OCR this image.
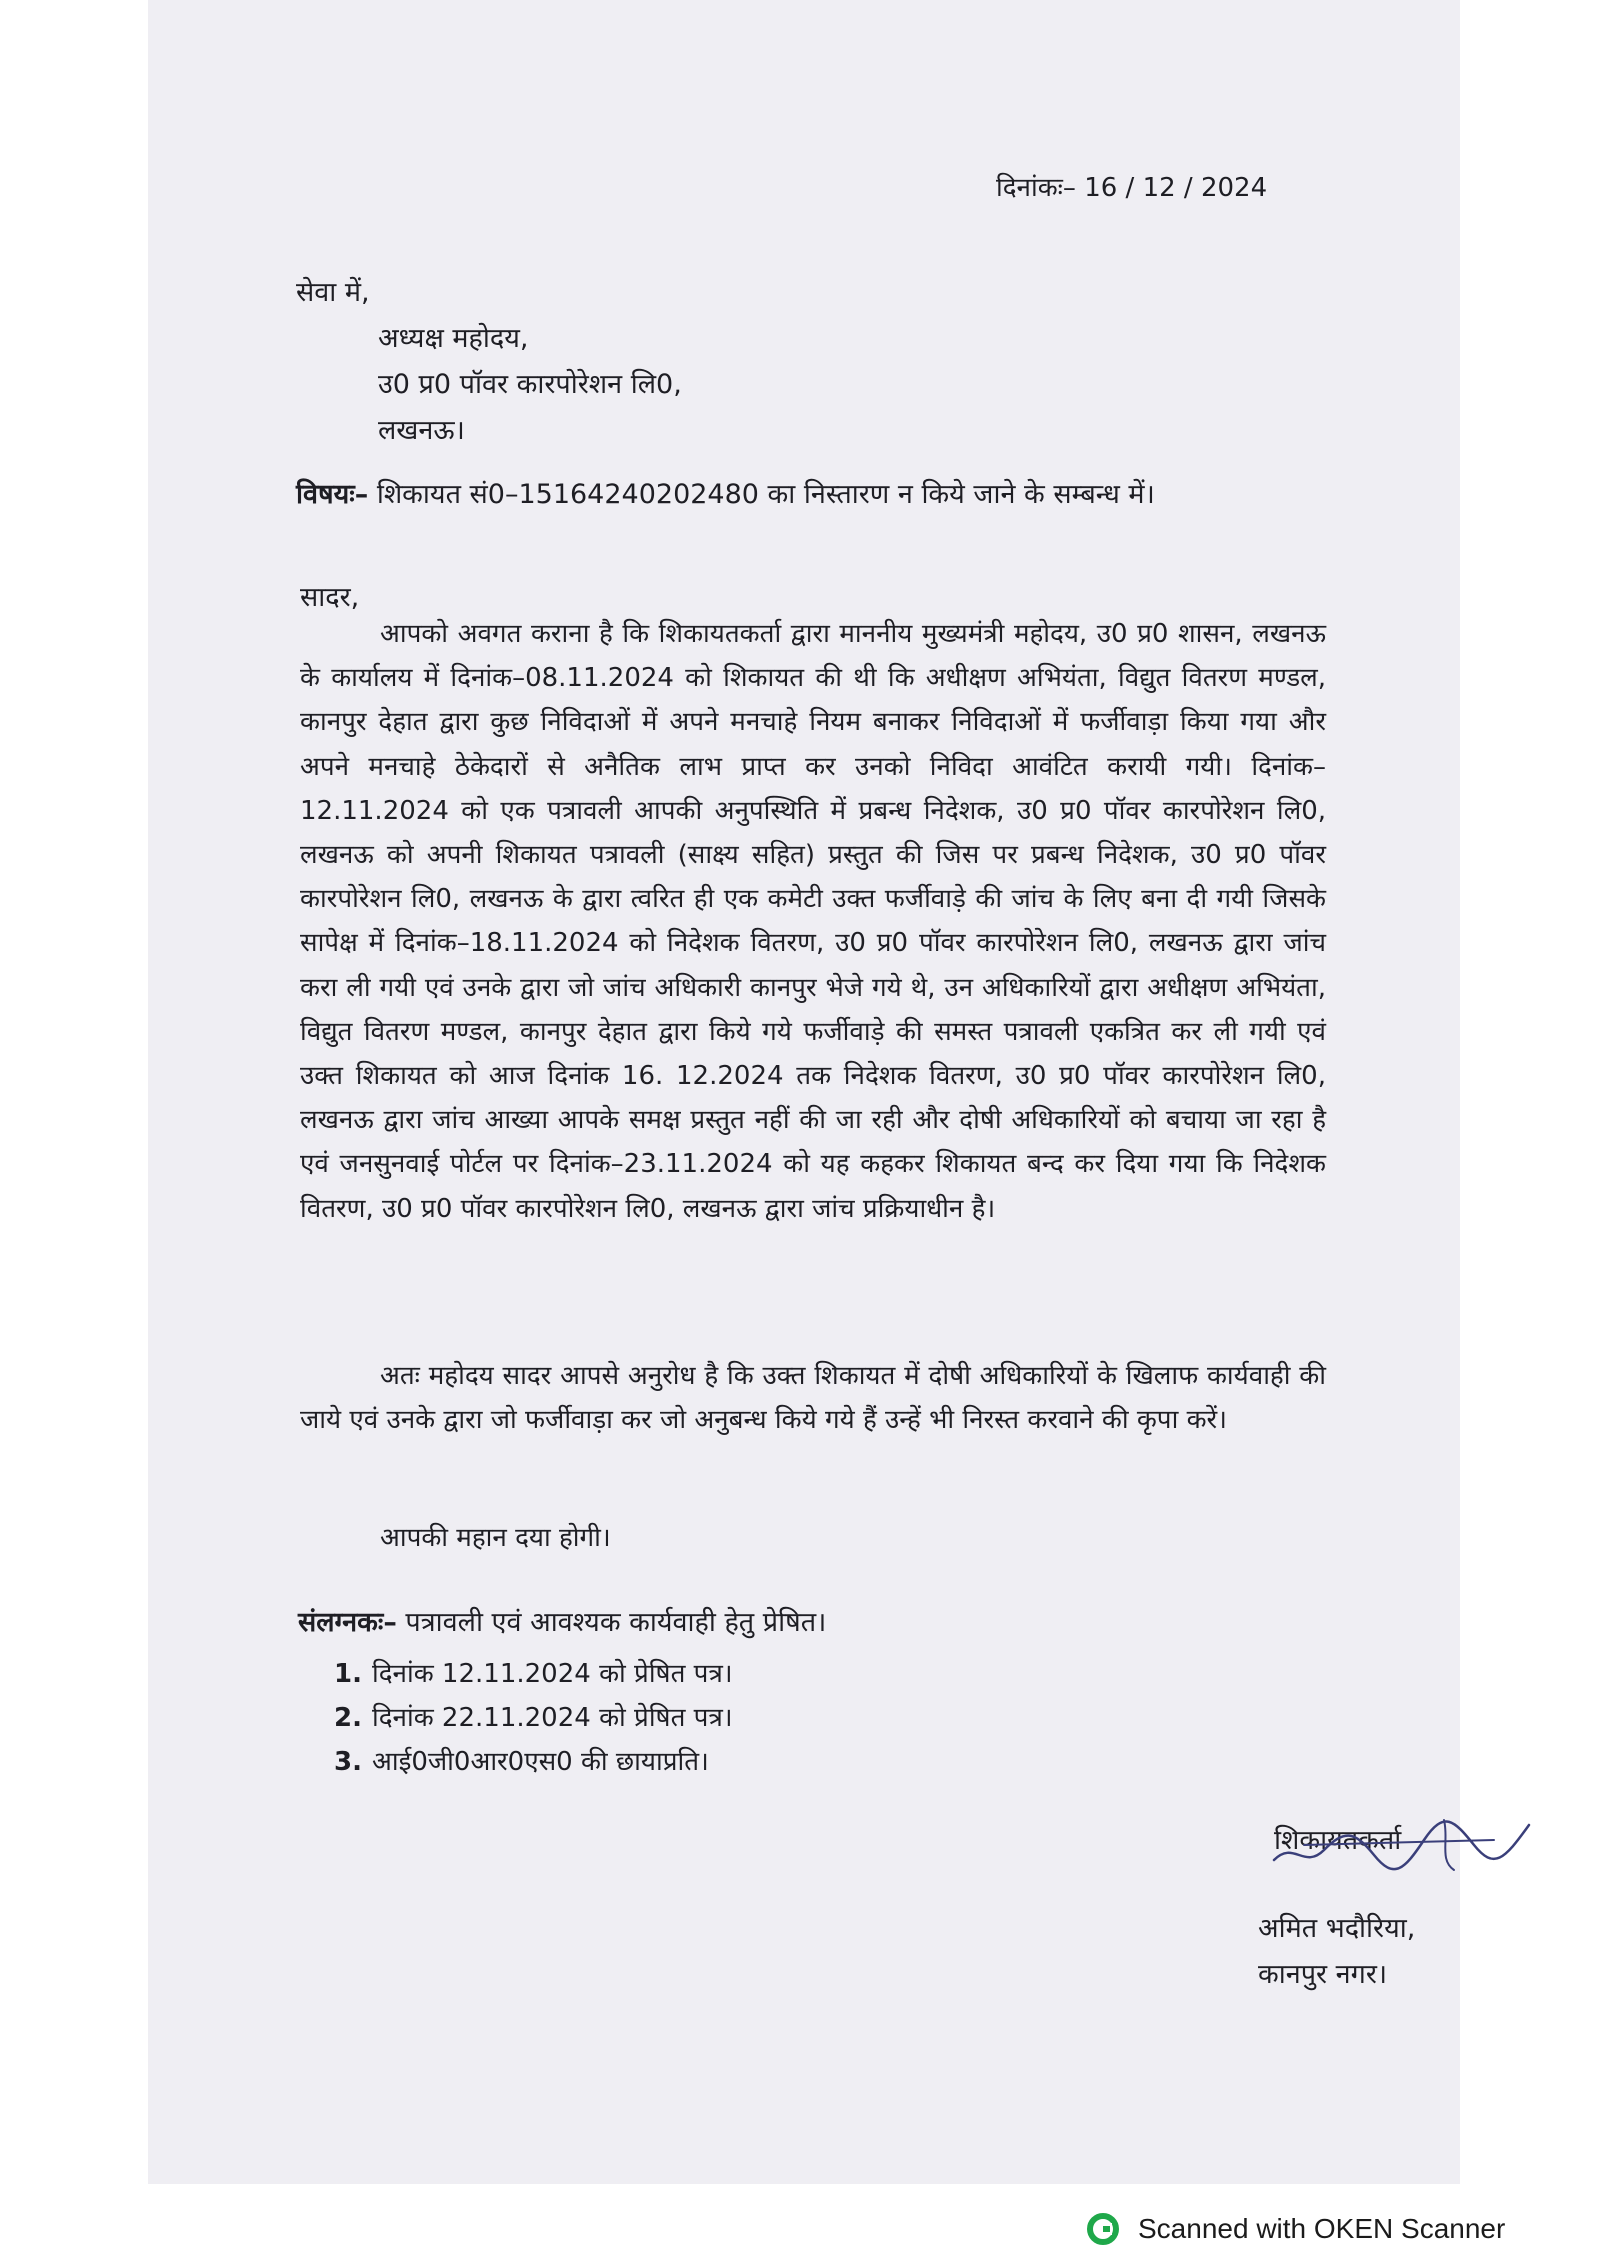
दिनांकः– 16 / 12 / 2024
सेवा में,
अध्यक्ष महोदय,
उ0 प्र0 पॉवर कारपोरेशन लि0,
लखनऊ।
विषयः– शिकायत सं0–15164240202480 का निस्तारण न किये जाने के सम्बन्ध में।
सादर,

आपको अवगत कराना है कि शिकायतकर्ता द्वारा माननीय मुख्यमंत्री महोदय, उ0 प्र0 शासन, लखनऊ के कार्यालय में दिनांक–08.11.2024 को शिकायत की थी कि अधीक्षण अभियंता, विद्युत वितरण मण्डल, कानपुर देहात द्वारा कुछ निविदाओं में अपने मनचाहे नियम बनाकर निविदाओं में फर्जीवाड़ा किया गया और अपने मनचाहे ठेकेदारों से अनैतिक लाभ प्राप्त कर उनको निविदा आवंटित करायी गयी। दिनांक–12.11.2024 को एक पत्रावली आपकी अनुपस्थिति में प्रबन्ध निदेशक, उ0 प्र0 पॉवर कारपोरेशन लि0, लखनऊ को अपनी शिकायत पत्रावली (साक्ष्य सहित) प्रस्तुत की जिस पर प्रबन्ध निदेशक, उ0 प्र0 पॉवर कारपोरेशन लि0, लखनऊ के द्वारा त्वरित ही एक कमेटी उक्त फर्जीवाड़े की जांच के लिए बना दी गयी जिसके सापेक्ष में दिनांक–18.11.2024 को निदेशक वितरण, उ0 प्र0 पॉवर कारपोरेशन लि0, लखनऊ द्वारा जांच करा ली गयी एवं उनके द्वारा जो जांच अधिकारी कानपुर भेजे गये थे, उन अधिकारियों द्वारा अधीक्षण अभियंता, विद्युत वितरण मण्डल, कानपुर देहात द्वारा किये गये फर्जीवाड़े की समस्त पत्रावली एकत्रित कर ली गयी एवं उक्त शिकायत को आज दिनांक 16. 12.2024 तक निदेशक वितरण, उ0 प्र0 पॉवर कारपोरेशन लि0, लखनऊ द्वारा जांच आख्या आपके समक्ष प्रस्तुत नहीं की जा रही और दोषी अधिकारियों को बचाया जा रहा है एवं जनसुनवाई पोर्टल पर दिनांक–23.11.2024 को यह कहकर शिकायत बन्द कर दिया गया कि निदेशक वितरण, उ0 प्र0 पॉवर कारपोरेशन लि0, लखनऊ द्वारा जांच प्रक्रियाधीन है।

अतः महोदय सादर आपसे अनुरोध है कि उक्त शिकायत में दोषी अधिकारियों के खिलाफ कार्यवाही की जाये एवं उनके द्वारा जो फर्जीवाड़ा कर जो अनुबन्ध किये गये हैं उन्हें भी निरस्त करवाने की कृपा करें।

आपकी महान दया होगी।

संलग्नकः– पत्रावली एवं आवश्यक कार्यवाही हेतु प्रेषित।
1. दिनांक 12.11.2024 को प्रेषित पत्र।
2. दिनांक 22.11.2024 को प्रेषित पत्र।
3. आई0जी0आर0एस0 की छायाप्रति।
शिकायतकर्ता
अमित भदौरिया,
कानपुर नगर।
Scanned with OKEN Scanner
